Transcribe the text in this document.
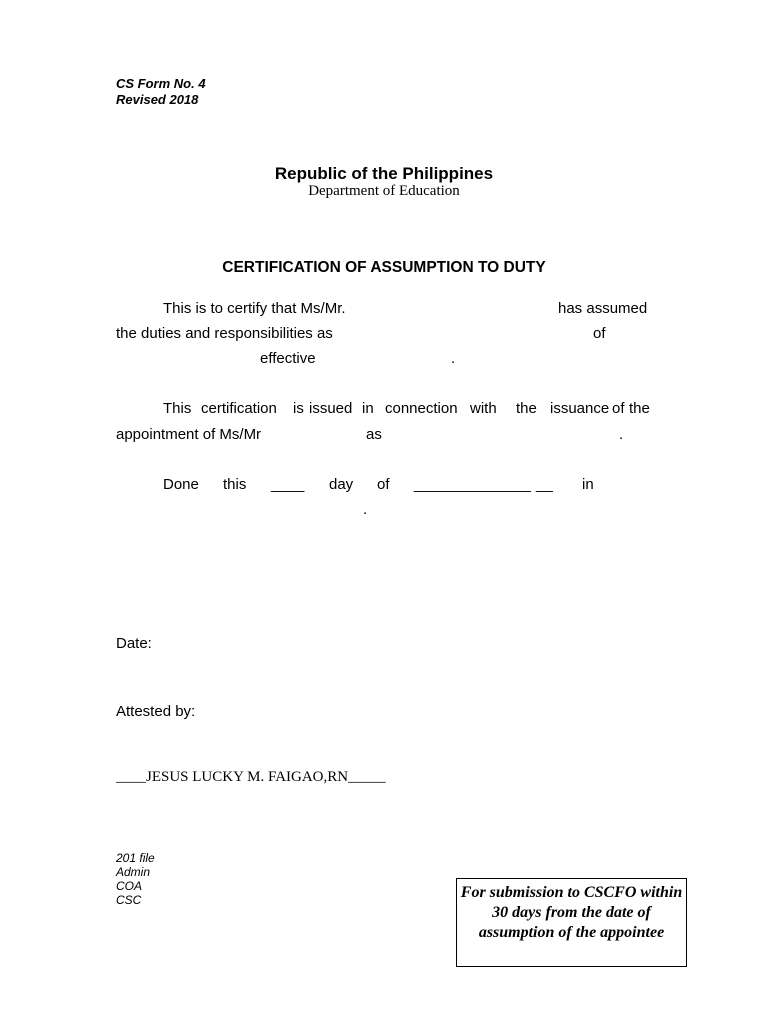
CS Form No. 4
Revised 2018
Republic of the Philippines
Department of Education
CERTIFICATION OF ASSUMPTION TO DUTY
This is to certify that Ms/Mr.	has assumed
the duties and responsibilities as	of
effective	.
This certification is issued in connection with the issuance of the
appointment of Ms/Mr	as	.
Done this ____ day of ______________ __ in
.
Date:
Attested by:
____JESUS LUCKY M. FAIGAO,RN_____
201 file
Admin
COA
CSC	For submission to CSCFO within 30 days from the date of assumption of the appointee
